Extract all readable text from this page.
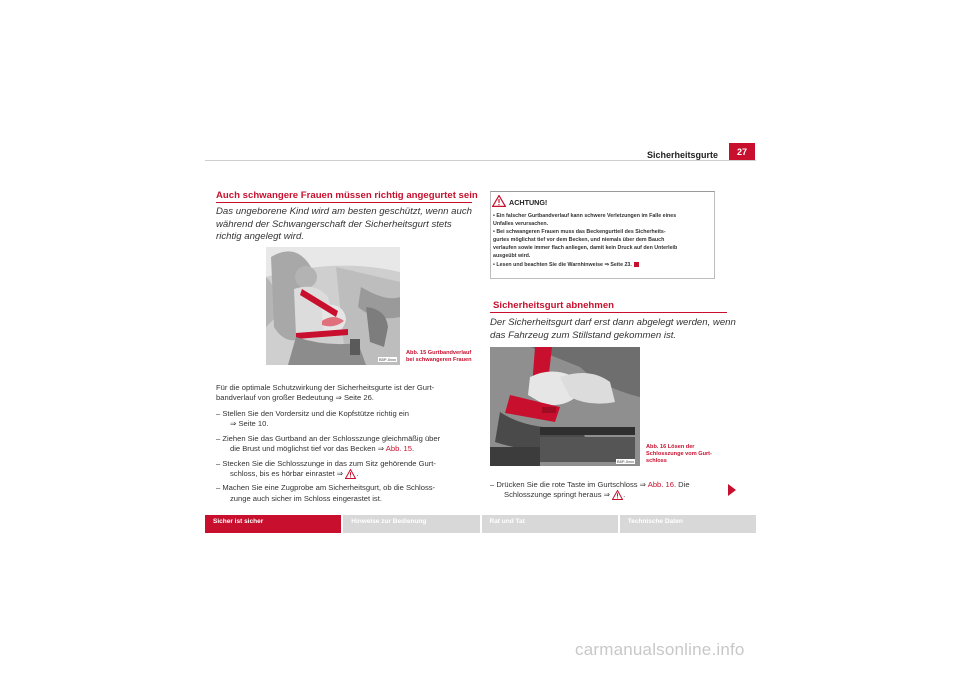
Sicherheitsgurte	27
Auch schwangere Frauen müssen richtig angegurtet sein
Das ungeborene Kind wird am besten geschützt, wenn auch
während der Schwangerschaft der Sicherheitsgurt stets
richtig angelegt wird.
B5P-0xxx
Abb. 15 Gurtbandverlauf
bei schwangeren Frauen
Für die optimale Schutzwirkung der Sicherheitsgurte ist der Gurt-
bandverlauf von großer Bedeutung ⇒ Seite 26.
– Stellen Sie den Vordersitz und die Kopfstütze richtig ein
⇒ Seite 10.
– Ziehen Sie das Gurtband an der Schlosszunge gleichmäßig über
die Brust und möglichst tief vor das Becken ⇒ Abb. 15.
– Stecken Sie die Schlosszunge in das zum Sitz gehörende Gurt-
schloss, bis es hörbar einrastet ⇒ .
– Machen Sie eine Zugprobe am Sicherheitsgurt, ob die Schloss-
zunge auch sicher im Schloss eingerastet ist.
ACHTUNG!
• Ein falscher Gurtbandverlauf kann schwere Verletzungen im Falle eines
Unfalles verursachen.
• Bei schwangeren Frauen muss das Beckengurtteil des Sicherheits-
gurtes möglichst tief vor dem Becken, und niemals über dem Bauch
verlaufen sowie immer flach anliegen, damit kein Druck auf den Unterleib
ausgeübt wird.
• Lesen und beachten Sie die Warnhinweise ⇒ Seite 23.
Sicherheitsgurt abnehmen
Der Sicherheitsgurt darf erst dann abgelegt werden, wenn
das Fahrzeug zum Stillstand gekommen ist.
B5P-0xxx
Abb. 16 Lösen der
Schlosszunge vom Gurt-
schloss
– Drücken Sie die rote Taste im Gurtschloss ⇒ Abb. 16. Die
Schlosszunge springt heraus ⇒ .
Sicher ist sicher	Hinweise zur Bedienung	Rat und Tat	Technische Daten
carmanualsonline.info
